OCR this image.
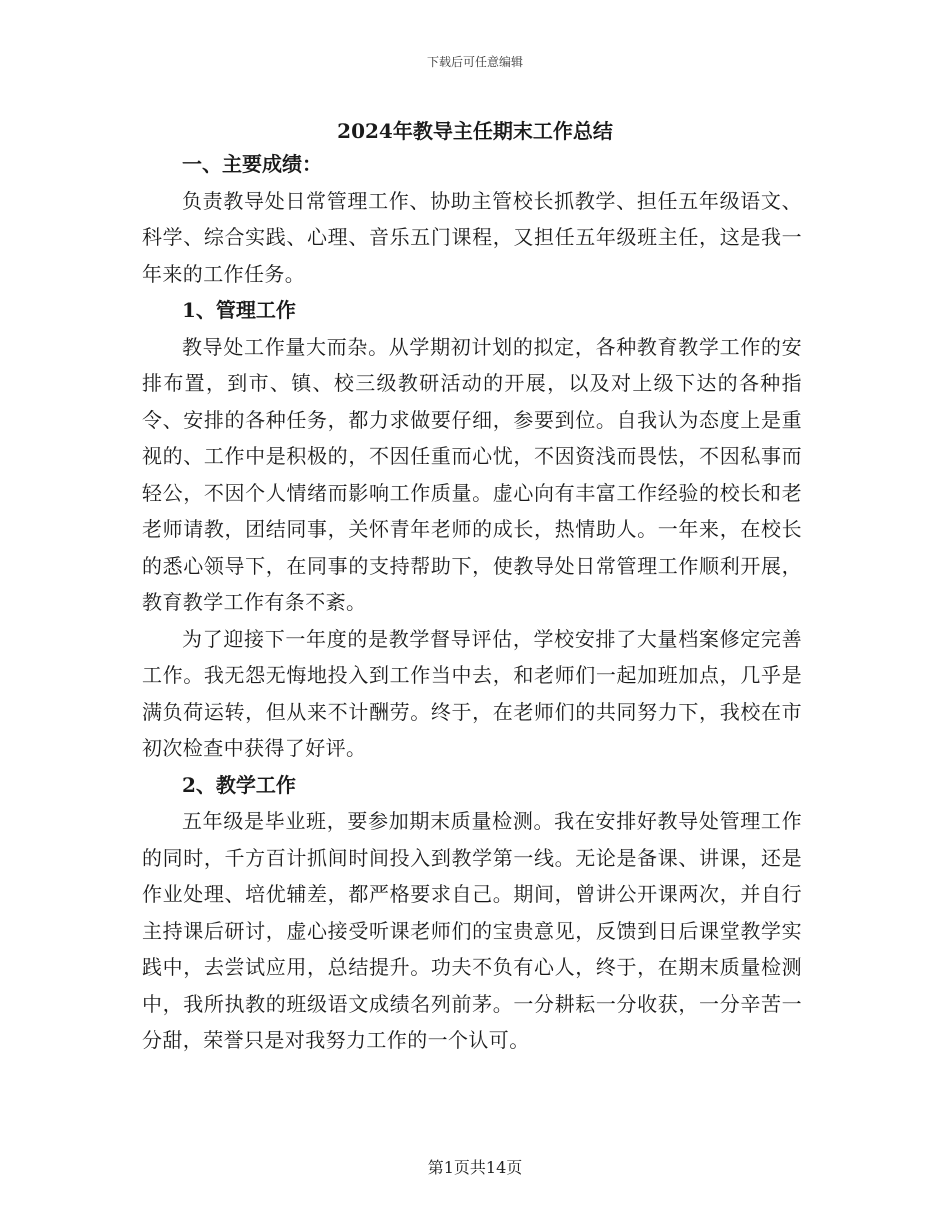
下载后可任意编辑
2024年教导主任期末工作总结
一、主要成绩：

负责教导处日常管理工作、协助主管校长抓教学、担任五年级语文、科学、综合实践、心理、音乐五门课程，又担任五年级班主任，这是我一年来的工作任务。

1、管理工作

教导处工作量大而杂。从学期初计划的拟定，各种教育教学工作的安排布置，到市、镇、校三级教研活动的开展，以及对上级下达的各种指令、安排的各种任务，都力求做要仔细，参要到位。自我认为态度上是重视的、工作中是积极的，不因任重而心忧，不因资浅而畏怯，不因私事而轻公，不因个人情绪而影响工作质量。虚心向有丰富工作经验的校长和老老师请教，团结同事，关怀青年老师的成长，热情助人。一年来，在校长的悉心领导下，在同事的支持帮助下，使教导处日常管理工作顺利开展，教育教学工作有条不紊。

为了迎接下一年度的是教学督导评估，学校安排了大量档案修定完善工作。我无怨无悔地投入到工作当中去，和老师们一起加班加点，几乎是满负荷运转，但从来不计酬劳。终于，在老师们的共同努力下，我校在市初次检查中获得了好评。

2、教学工作

五年级是毕业班，要参加期末质量检测。我在安排好教导处管理工作的同时，千方百计抓间时间投入到教学第一线。无论是备课、讲课，还是作业处理、培优辅差，都严格要求自己。期间，曾讲公开课两次，并自行主持课后研讨，虚心接受听课老师们的宝贵意见，反馈到日后课堂教学实践中，去尝试应用，总结提升。功夫不负有心人，终于，在期末质量检测中，我所执教的班级语文成绩名列前茅。一分耕耘一分收获，一分辛苦一分甜，荣誉只是对我努力工作的一个认可。

第1页共14页
